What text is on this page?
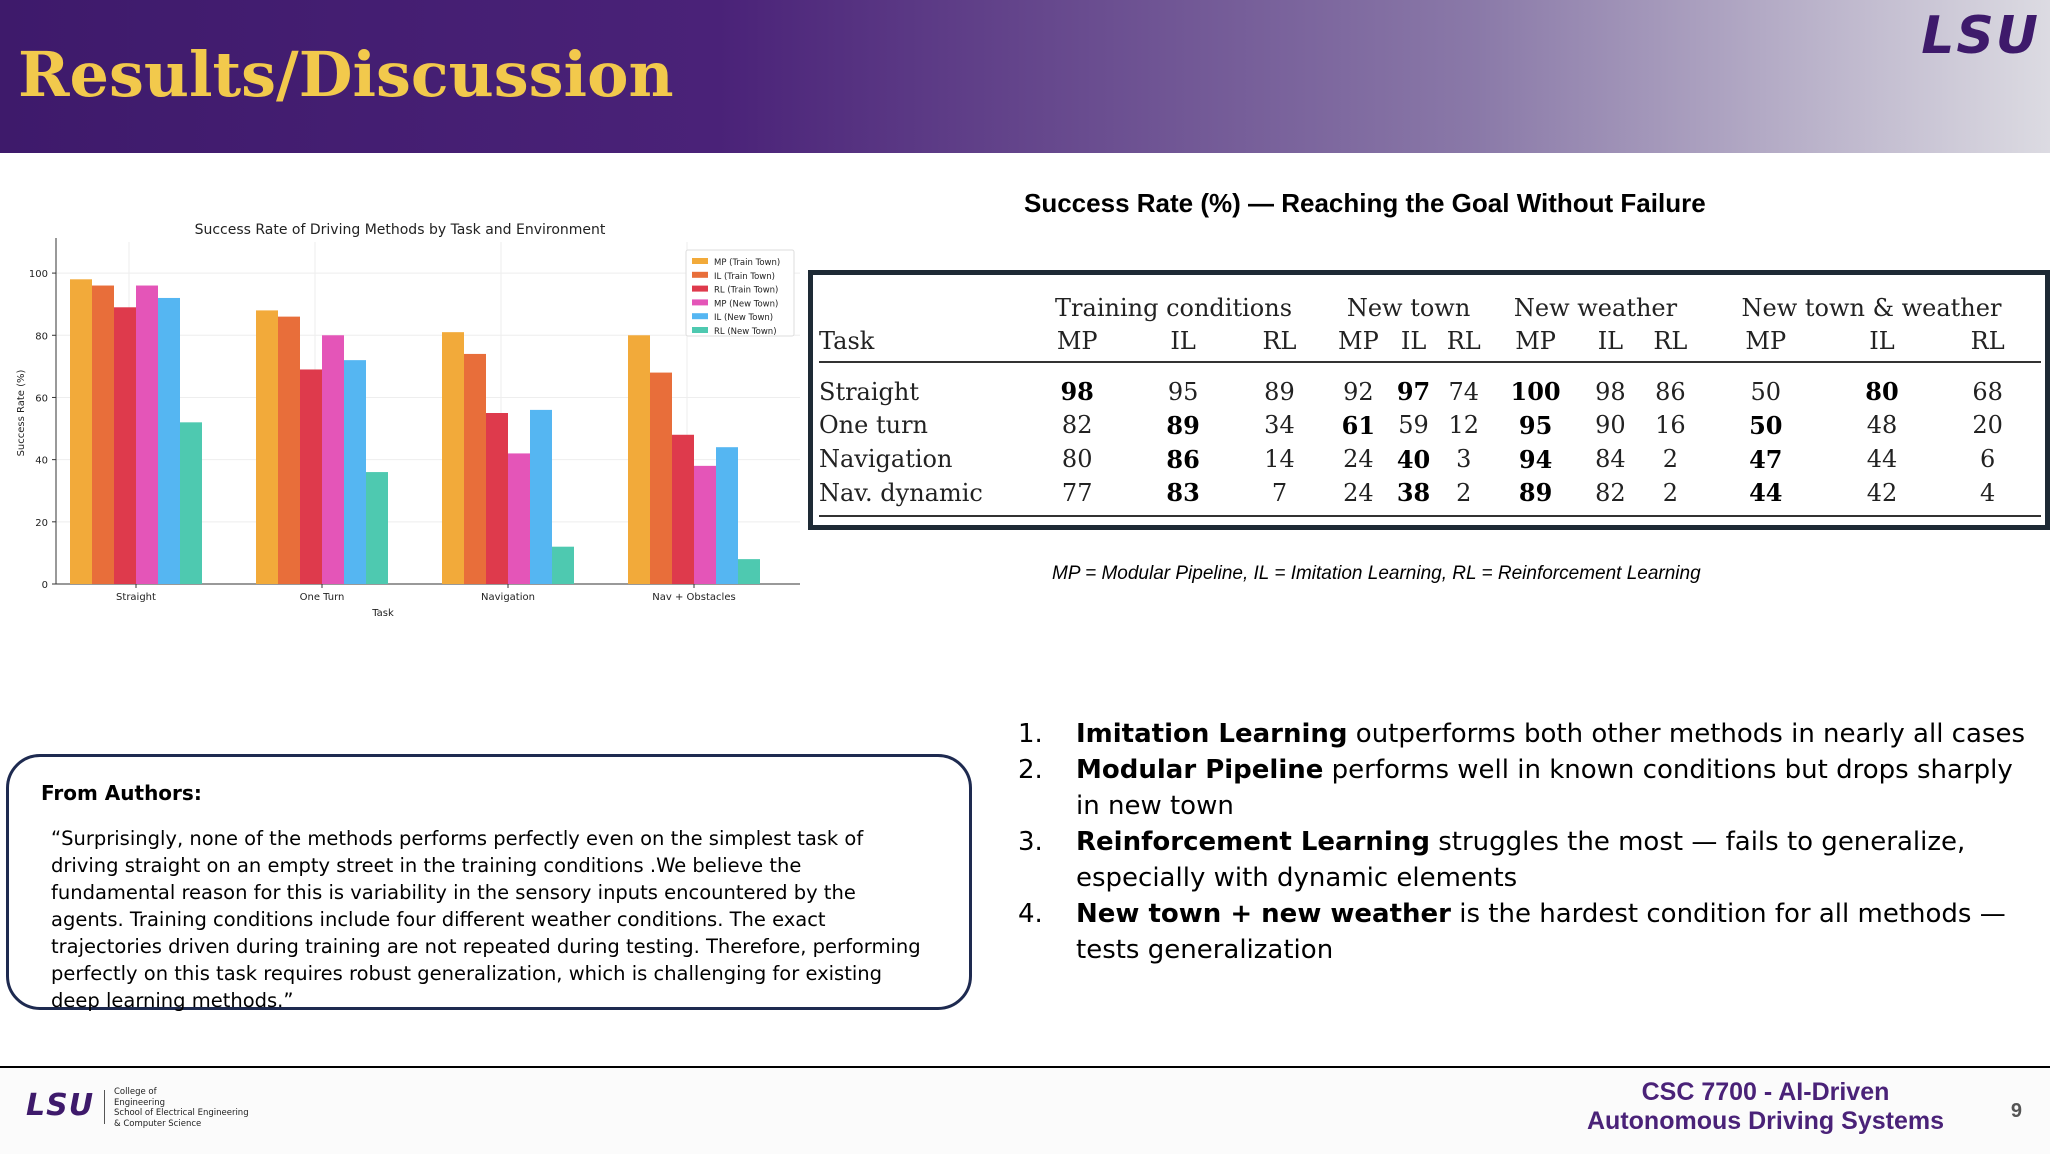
Results/Discussion
LSU
Success Rate of Driving Methods by Task and Environment
0
20
40
60
80
100
Straight	One Turn	Navigation	Nav + Obstacles
Task
Success Rate (%)
MP (Train Town)
IL (Train Town)
RL (Train Town)
MP (New Town)
IL (New Town)
RL (New Town)
Success Rate (%) — Reaching the Goal Without Failure
	Training conditions			New town			New weather			New town & weather		
Task	MP	IL	RL	MP	IL	RL	MP	IL	RL	MP	IL	RL
Straight	98	95	89	92	97	74	100	98	86	50	80	68
One turn	82	89	34	61	59	12	95	90	16	50	48	20
Navigation	80	86	14	24	40	3	94	84	2	47	44	6
Nav. dynamic	77	83	7	24	38	2	89	82	2	44	42	4
MP = Modular Pipeline, IL = Imitation Learning, RL = Reinforcement Learning
1. Imitation Learning outperforms both other methods in nearly all cases
2. Modular Pipeline performs well in known conditions but drops sharply in new town
3. Reinforcement Learning struggles the most — fails to generalize, especially with dynamic elements
4. New town + new weather is the hardest condition for all methods — tests generalization
From Authors:
“Surprisingly, none of the methods performs perfectly even on the simplest task of driving straight on an empty street in the training conditions .We believe the fundamental reason for this is variability in the sensory inputs encountered by the agents. Training conditions include four different weather conditions. The exact trajectories driven during training are not repeated during testing. Therefore, performing perfectly on this task requires robust generalization, which is challenging for existing deep learning methods.”
LSU College of
Engineering
School of Electrical Engineering
& Computer Science
CSC 7700 - AI-Driven
Autonomous Driving Systems	9
